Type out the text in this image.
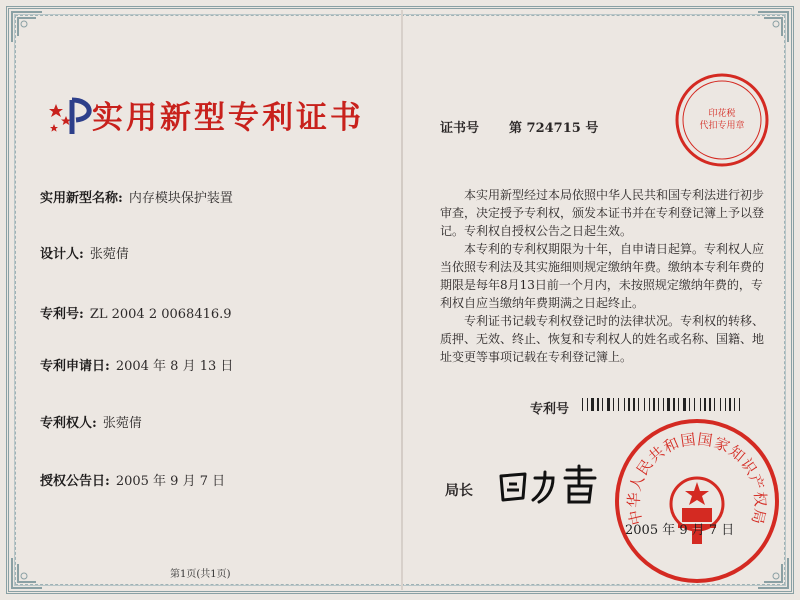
实用新型专利证书
实用新型名称: 内存模块保护装置
设计人: 张菀倩
专利号: ZL 2004 2 0068416.9
专利申请日: 2004 年 8 月 13 日
专利权人: 张菀倩
授权公告日: 2005 年 9 月 7 日
第1页(共1页)
印花税
代扣专用章
证书号 第 724715 号

本实用新型经过本局依照中华人民共和国专利法进行初步审查，决定授予专利权，颁发本证书并在专利登记簿上予以登记。专利权自授权公告之日起生效。

本专利的专利权期限为十年，自申请日起算。专利权人应当依照专利法及其实施细则规定缴纳年费。缴纳本专利年费的期限是每年8月13日前一个月内，未按照规定缴纳年费的，专利权自应当缴纳年费期满之日起终止。

专利证书记载专利权登记时的法律状况。专利权的转移、质押、无效、终止、恢复和专利权人的姓名或名称、国籍、地址变更等事项记载在专利登记簿上。

专利号
局长
中华人民共和国国家知识产权局
2005 年 9 月 7 日
